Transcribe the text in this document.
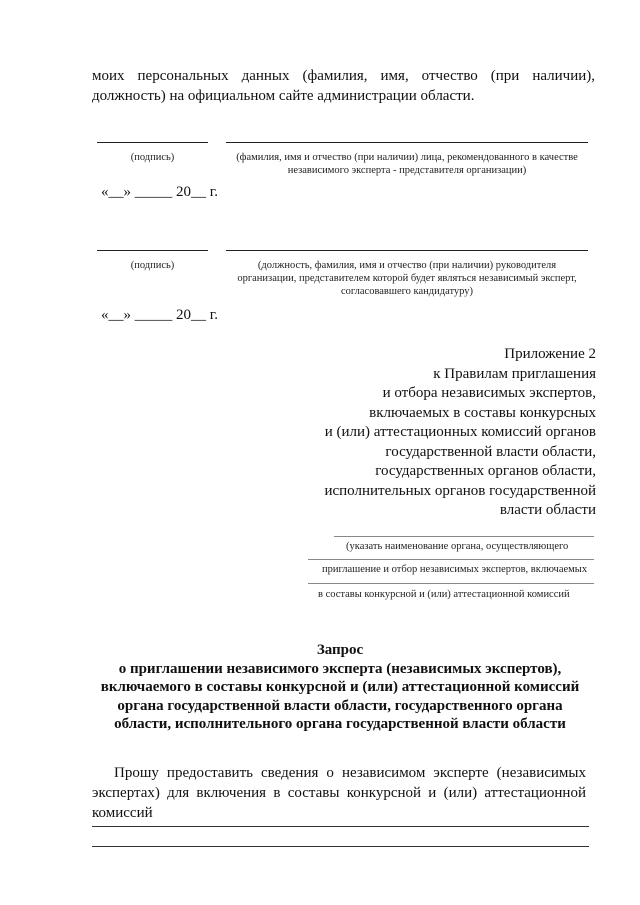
моих персональных данных (фамилия, имя, отчество (при наличии),
должность) на официальном сайте администрации области.
(подпись)	(фамилия, имя и отчество (при наличии) лица, рекомендованного в качестве
независимого эксперта - представителя организации)
«__» _____ 20__ г.
(подпись)	(должность, фамилия, имя и отчество (при наличии) руководителя
организации, представителем которой будет являться независимый эксперт,
согласовавшего кандидатуру)
«__» _____ 20__ г.
Приложение 2
к Правилам приглашения
и отбора независимых экспертов,
включаемых в составы конкурсных
и (или) аттестационных комиссий органов
государственной власти области,
государственных органов области,
исполнительных органов государственной
власти области
(указать наименование органа, осуществляющего
приглашение и отбор независимых экспертов, включаемых
в составы конкурсной и (или) аттестационной комиссий
Запрос
о приглашении независимого эксперта (независимых экспертов),
включаемого в составы конкурсной и (или) аттестационной комиссий
органа государственной власти области, государственного органа
области, исполнительного органа государственной власти области
Прошу предоставить сведения о независимом эксперте (независимых экспертах) для включения в составы конкурсной и (или) аттестационной комиссий
